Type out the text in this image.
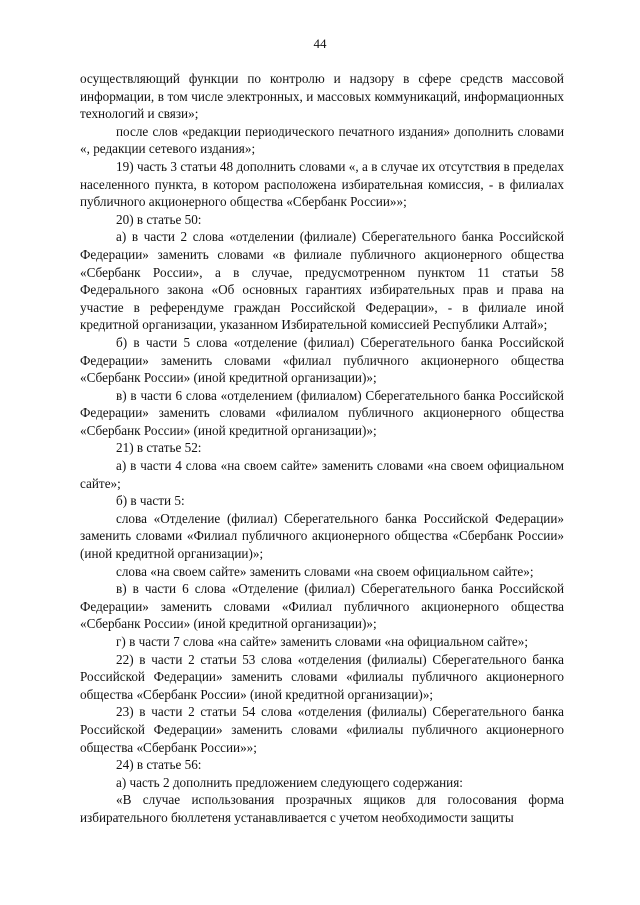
44

осуществляющий функции по контролю и надзору в сфере средств массовой информации, в том числе электронных, и массовых коммуникаций, информационных технологий и связи»;

после слов «редакции периодического печатного издания» дополнить словами «, редакции сетевого издания»;

19) часть 3 статьи 48 дополнить словами «, а в случае их отсутствия в пределах населенного пункта, в котором расположена избирательная комиссия, - в филиалах публичного акционерного общества «Сбербанк России»»;

20) в статье 50:

а) в части 2 слова «отделении (филиале) Сберегательного банка Российской Федерации» заменить словами «в филиале публичного акционерного общества «Сбербанк России», а в случае, предусмотренном пунктом 11 статьи 58 Федерального закона «Об основных гарантиях избирательных прав и права на участие в референдуме граждан Российской Федерации», - в филиале иной кредитной организации, указанном Избирательной комиссией Республики Алтай»;

б) в части 5 слова «отделение (филиал) Сберегательного банка Российской Федерации» заменить словами «филиал публичного акционерного общества «Сбербанк России» (иной кредитной организации)»;

в) в части 6 слова «отделением (филиалом) Сберегательного банка Российской Федерации» заменить словами «филиалом публичного акционерного общества «Сбербанк России» (иной кредитной организации)»;

21) в статье 52:

а) в части 4 слова «на своем сайте» заменить словами «на своем официальном сайте»;

б) в части 5:

слова «Отделение (филиал) Сберегательного банка Российской Федерации» заменить словами «Филиал публичного акционерного общества «Сбербанк России» (иной кредитной организации)»;

слова «на своем сайте» заменить словами «на своем официальном сайте»;

в) в части 6 слова «Отделение (филиал) Сберегательного банка Российской Федерации» заменить словами «Филиал публичного акционерного общества «Сбербанк России» (иной кредитной организации)»;

г) в части 7 слова «на сайте» заменить словами «на официальном сайте»;

22) в части 2 статьи 53 слова «отделения (филиалы) Сберегательного банка Российской Федерации» заменить словами «филиалы публичного акционерного общества «Сбербанк России» (иной кредитной организации)»;

23) в части 2 статьи 54 слова «отделения (филиалы) Сберегательного банка Российской Федерации» заменить словами «филиалы публичного акционерного общества «Сбербанк России»»;

24) в статье 56:

а) часть 2 дополнить предложением следующего содержания:

«В случае использования прозрачных ящиков для голосования форма избирательного бюллетеня устанавливается с учетом необходимости защиты
